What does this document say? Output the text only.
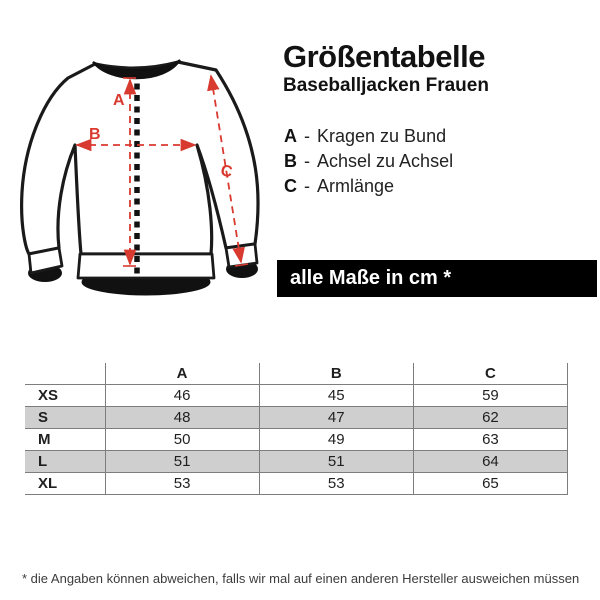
A
B
C
Größentabelle
Baseballjacken Frauen
A - Kragen zu Bund
B - Achsel zu Achsel
C - Armlänge
alle Maße in cm *
	A	B	C
XS	46	45	59
S	48	47	62
M	50	49	63
L	51	51	64
XL	53	53	65
* die Angaben können abweichen, falls wir mal auf einen anderen Hersteller ausweichen müssen
